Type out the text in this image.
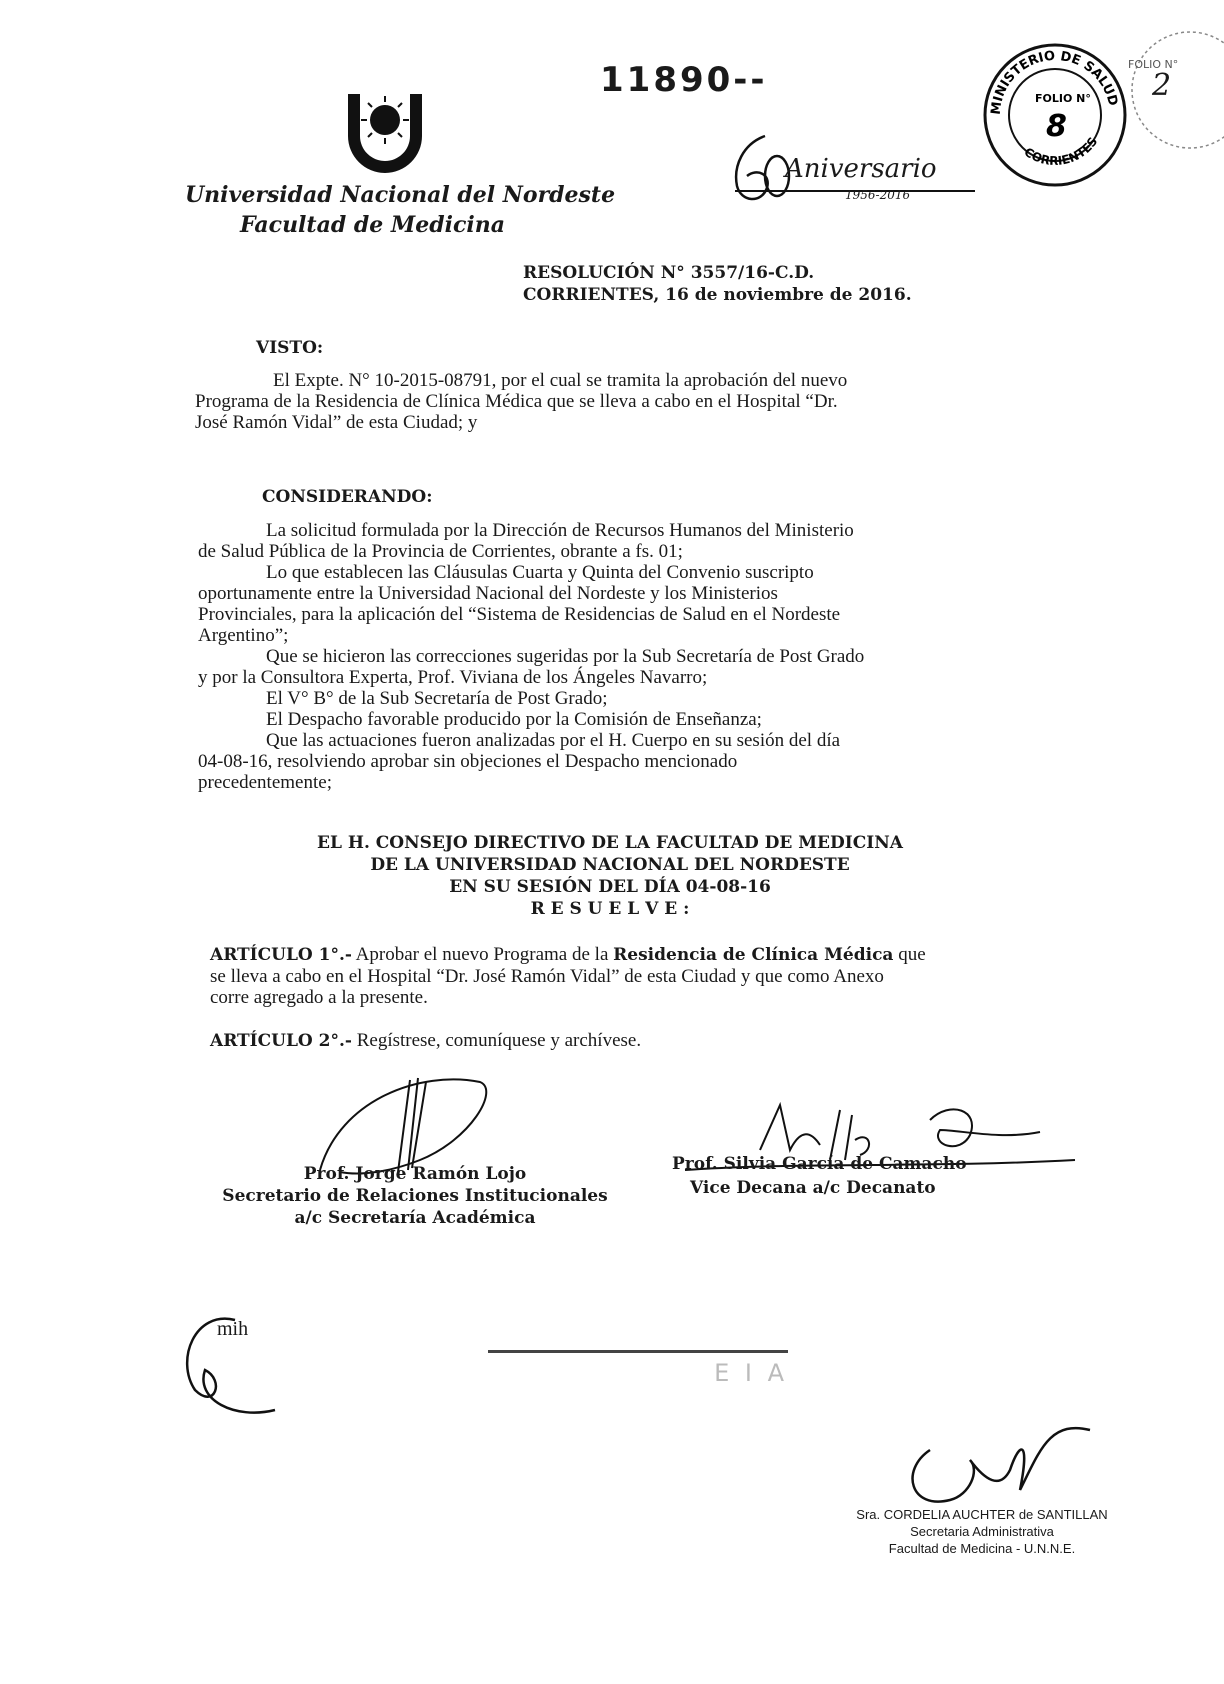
11890--
Universidad Nacional del Nordeste
Facultad de Medicina
Aniversario
1956-2016
MINISTERIO DE SALUD
CORRIENTES
FOLIO N°
8
FOLIO N°
2
RESOLUCIÓN N° 3557/16-C.D.
CORRIENTES, 16 de noviembre de 2016.
VISTO:
El Expte. N° 10-2015-08791, por el cual se tramita la aprobación del nuevo
Programa de la Residencia de Clínica Médica que se lleva a cabo en el Hospital “Dr.
José Ramón Vidal” de esta Ciudad; y
CONSIDERANDO:
La solicitud formulada por la Dirección de Recursos Humanos del Ministerio
de Salud Pública de la Provincia de Corrientes, obrante a fs. 01;
Lo que establecen las Cláusulas Cuarta y Quinta del Convenio suscripto
oportunamente entre la Universidad Nacional del Nordeste y los Ministerios
Provinciales, para la aplicación del “Sistema de Residencias de Salud en el Nordeste
Argentino”;
Que se hicieron las correcciones sugeridas por la Sub Secretaría de Post Grado
y por la Consultora Experta, Prof. Viviana de los Ángeles Navarro;
El V° B° de la Sub Secretaría de Post Grado;
El Despacho favorable producido por la Comisión de Enseñanza;
Que las actuaciones fueron analizadas por el H. Cuerpo en su sesión del día
04-08-16, resolviendo aprobar sin objeciones el Despacho mencionado
precedentemente;
EL H. CONSEJO DIRECTIVO DE LA FACULTAD DE MEDICINA
DE LA UNIVERSIDAD NACIONAL DEL NORDESTE
EN SU SESIÓN DEL DÍA 04-08-16
R E S U E L V E :
ARTÍCULO 1°.- Aprobar el nuevo Programa de la Residencia de Clínica Médica que
se lleva a cabo en el Hospital “Dr. José Ramón Vidal” de esta Ciudad y que como Anexo
corre agregado a la presente.
ARTÍCULO 2°.- Regístrese, comuníquese y archívese.
Prof. Jorge Ramón Lojo
Secretario de Relaciones Institucionales
a/c Secretaría Académica
Prof. Silvia García de Camacho
Vice Decana a/c Decanato
mih
E I A
Sra. CORDELIA AUCHTER de SANTILLAN
Secretaria Administrativa
Facultad de Medicina - U.N.N.E.
